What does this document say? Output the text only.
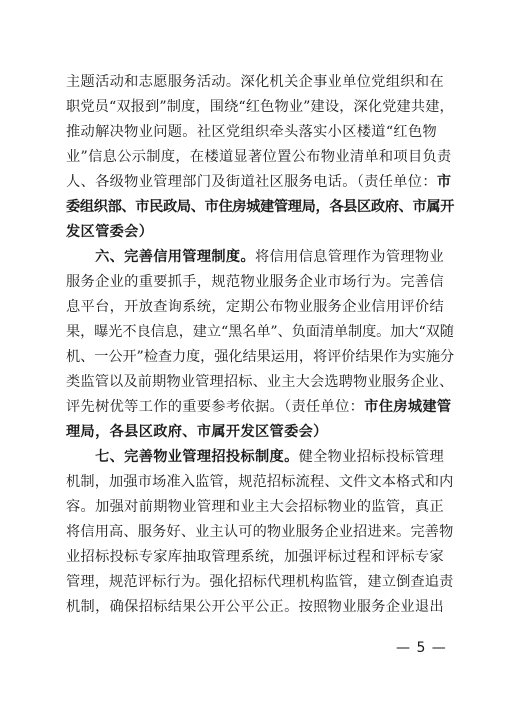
主题活动和志愿服务活动。深化机关企事业单位党组织和在
职党员“双报到”制度，围绕“红色物业”建设，深化党建共建，
推动解决物业问题。社区党组织牵头落实小区楼道“红色物
业”信息公示制度，在楼道显著位置公布物业清单和项目负责
人、各级物业管理部门及街道社区服务电话。（责任单位：市
委组织部、市民政局、市住房城建管理局，各县区政府、市属开
发区管委会）
　　六、完善信用管理制度。将信用信息管理作为管理物业
服务企业的重要抓手，规范物业服务企业市场行为。完善信
息平台，开放查询系统，定期公布物业服务企业信用评价结
果，曝光不良信息，建立“黑名单”、负面清单制度。加大“双随
机、一公开”检查力度，强化结果运用，将评价结果作为实施分
类监管以及前期物业管理招标、业主大会选聘物业服务企业、
评先树优等工作的重要参考依据。（责任单位：市住房城建管
理局，各县区政府、市属开发区管委会）
　　七、完善物业管理招投标制度。健全物业招标投标管理
机制，加强市场准入监管，规范招标流程、文件文本格式和内
容。加强对前期物业管理和业主大会招标物业的监管，真正
将信用高、服务好、业主认可的物业服务企业招进来。完善物
业招标投标专家库抽取管理系统，加强评标过程和评标专家
管理，规范评标行为。强化招标代理机构监管，建立倒查追责
机制，确保招标结果公开公平公正。按照物业服务企业退出
— 5 —
